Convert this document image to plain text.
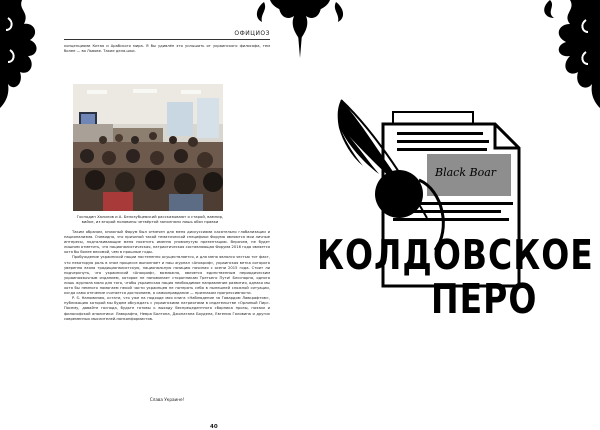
ОФИЦИОЗ

концепциями Китая и Арабского мира. Я бы удивлён это услышать от украинского философа, тем более — во Львове. Такие дела-шки.

Господин Халилов и А. Белозубцевский рассказывают о старой, вампир, вийке, из второй половины четвёртой заполняли лишь обоз правки

Таким образом, книжный Форум был отмечен для меня дискуссиями касательно глобализации и национализма. Очевидно, что причиной такой тематической специфики Форума являются мои личные интересы, подталкивающие меня посетить именно упомянутую презентацию. Впрочем, не будет лишним отметить, что националистическая, патриотическая составляющая Форума 2016 года является хотя бы более весомой, чем в прошлые годы.

Пробуждение украинской нации постепенно осуществляется, и для меня являлся честью тот факт, что некоторую роль в этом процессе выполняет и наш журнал «Апокриф», украинская ветка которого уверенно взяла традиционалистскую, национальную позицию начиная с осени 2015 года. Стоит ли подчеркнуть, что украинский «Апокриф», возможно, является единственным периодическим украиноязычным изданием, которое не напоминает сторонникам Третьего Пути! Бесспорно, одного лишь журнала мало для того, чтобы украинская нация необходимое направление развития, однако мы хотя бы немного помогаем некой части украинцев не потерять себя в нынешней сложной ситуации, когда само отечение считается достоянием, а самооправдание — признаком прогрессивности.

P. S. Напоминаю, кстати, что уже на подходе моя книга «Наблюдение за Говардом Лавкрафтом», публикацию которой мы будем обсуждать с украинскими патриотами в издательстве «Орлиный Пир». Посему, давайте господа, будьте готовы к выходу беспрецедентного сборника прозы, поэзии и философской аналитики: Лавкрафта, Невра Болтона, Джонатана Боудена, Евгения Головина и других современных мыслителей-нонконформистов.

Слава Украине!
40
Black Boar
КОЛДОВСКОЕ
ПЕРО
